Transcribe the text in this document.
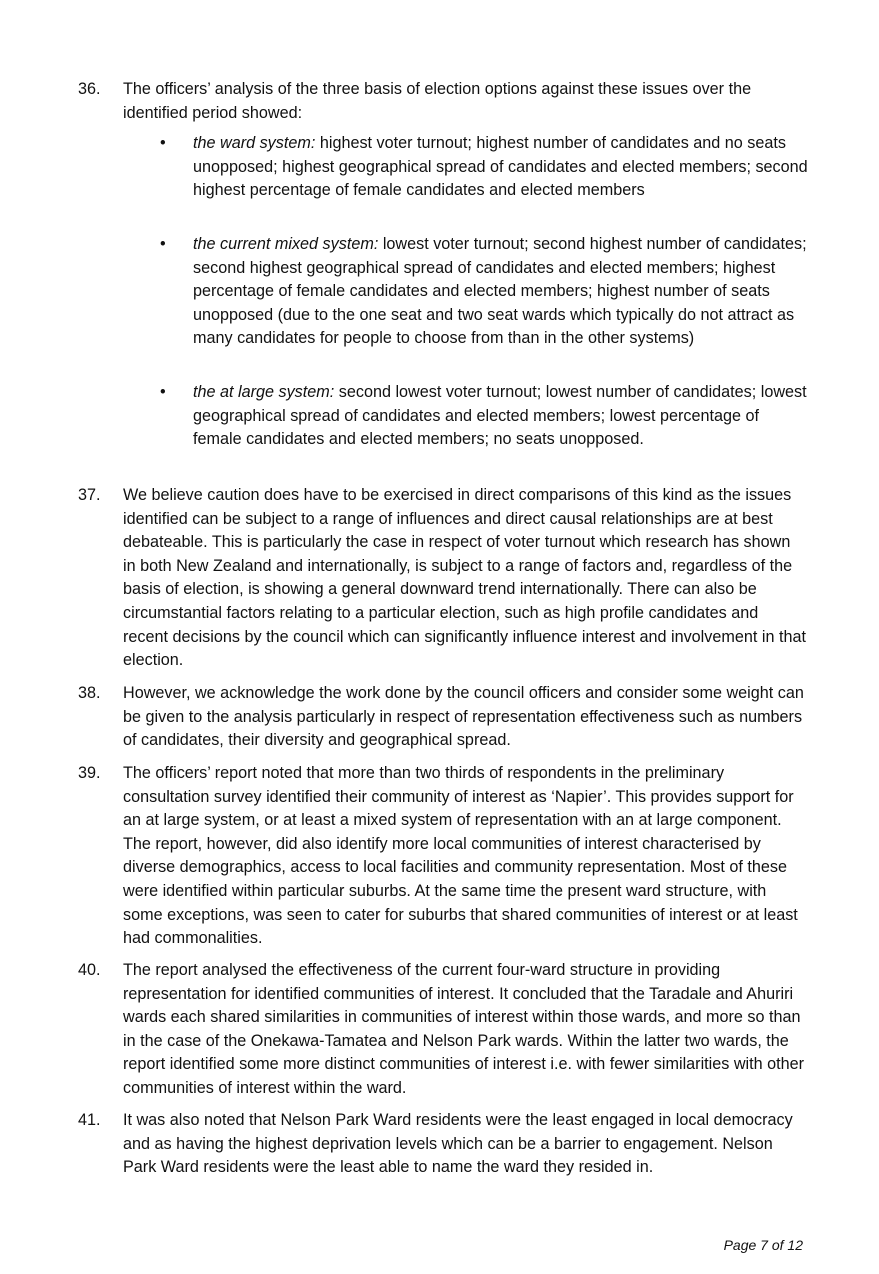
36.	The officers’ analysis of the three basis of election options against these issues over the identified period showed:
•	the ward system: highest voter turnout; highest number of candidates and no seats unopposed; highest geographical spread of candidates and elected members; second highest percentage of female candidates and elected members
•	the current mixed system: lowest voter turnout; second highest number of candidates; second highest geographical spread of candidates and elected members; highest percentage of female candidates and elected members; highest number of seats unopposed (due to the one seat and two seat wards which typically do not attract as many candidates for people to choose from than in the other systems)
•	the at large system: second lowest voter turnout; lowest number of candidates; lowest geographical spread of candidates and elected members; lowest percentage of female candidates and elected members; no seats unopposed.
37.	We believe caution does have to be exercised in direct comparisons of this kind as the issues identified can be subject to a range of influences and direct causal relationships are at best debateable. This is particularly the case in respect of voter turnout which research has shown in both New Zealand and internationally, is subject to a range of factors and, regardless of the basis of election, is showing a general downward trend internationally. There can also be circumstantial factors relating to a particular election, such as high profile candidates and recent decisions by the council which can significantly influence interest and involvement in that election.
38.	However, we acknowledge the work done by the council officers and consider some weight can be given to the analysis particularly in respect of representation effectiveness such as numbers of candidates, their diversity and geographical spread.
39.	The officers’ report noted that more than two thirds of respondents in the preliminary consultation survey identified their community of interest as ‘Napier’. This provides support for an at large system, or at least a mixed system of representation with an at large component. The report, however, did also identify more local communities of interest characterised by diverse demographics, access to local facilities and community representation. Most of these were identified within particular suburbs. At the same time the present ward structure, with some exceptions, was seen to cater for suburbs that shared communities of interest or at least had commonalities.
40.	The report analysed the effectiveness of the current four-ward structure in providing representation for identified communities of interest. It concluded that the Taradale and Ahuriri wards each shared similarities in communities of interest within those wards, and more so than in the case of the Onekawa-Tamatea and Nelson Park wards. Within the latter two wards, the report identified some more distinct communities of interest i.e. with fewer similarities with other communities of interest within the ward.
41.	It was also noted that Nelson Park Ward residents were the least engaged in local democracy and as having the highest deprivation levels which can be a barrier to engagement. Nelson Park Ward residents were the least able to name the ward they resided in.
Page 7 of 12
